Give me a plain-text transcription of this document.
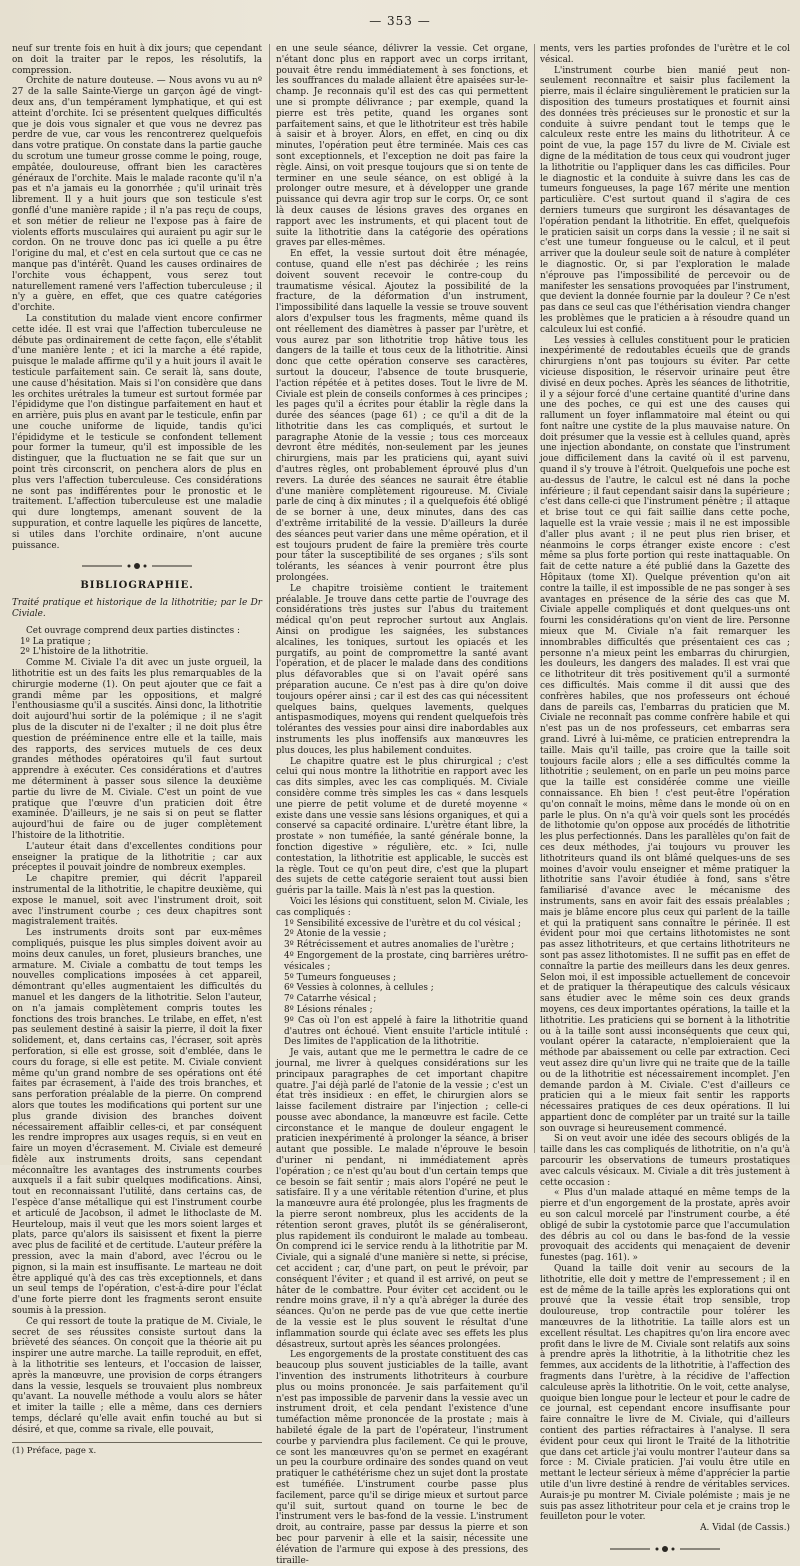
— 353 —

neuf sur trente fois en huit à dix jours; que cependant on doit la traiter par le repos, les résolutifs, la compression.

Orchite de nature douteuse. — Nous avons vu au nº 27 de la salle Sainte-Vierge un garçon âgé de vingt-deux ans, d'un tempérament lymphatique, et qui est atteint d'orchite. Ici se présentent quelques difficultés que je dois vous signaler et que vous ne devrez pas perdre de vue, car vous les rencontrerez quelquefois dans votre pratique. On constate dans la partie gauche du scrotum une tumeur grosse comme le poing, rouge, empâtée, douloureuse, offrant bien les caractères généraux de l'orchite. Mais le malade raconte qu'il n'a pas et n'a jamais eu la gonorrhée ; qu'il urinait très librement. Il y a huit jours que son testicule s'est gonflé d'une manière rapide ; il n'a pas reçu de coups, et son métier de relieur ne l'expose pas à faire de violents efforts musculaires qui auraient pu agir sur le cordon. On ne trouve donc pas ici quelle a pu être l'origine du mal, et c'est en cela surtout que ce cas ne manque pas d'intérêt. Quand les causes ordinaires de l'orchite vous échappent, vous serez tout naturellement ramené vers l'affection tuberculeuse ; il n'y a guère, en effet, que ces quatre catégories d'orchite.

La constitution du malade vient encore confirmer cette idée. Il est vrai que l'affection tuberculeuse ne débute pas ordinairement de cette façon, elle s'établit d'une manière lente ; et ici la marche a été rapide, puisque le malade affirme qu'il y a huit jours il avait le testicule parfaitement sain. Ce serait là, sans doute, une cause d'hésitation. Mais si l'on considère que dans les orchites urétrales la tumeur est surtout formée par l'épididyme que l'on distingue parfaitement en haut et en arrière, puis plus en avant par le testicule, enfin par une couche uniforme de liquide, tandis qu'ici l'épididyme et le testicule se confondent tellement pour former la tumeur, qu'il est impossible de les distinguer, que la fluctuation ne se fait que sur un point très circonscrit, on penchera alors de plus en plus vers l'affection tuberculeuse. Ces considérations ne sont pas indifférentes pour le pronostic et le traitement. L'affection tuberculeuse est une maladie qui dure longtemps, amenant souvent de la suppuration, et contre laquelle les piqûres de lancette, si utiles dans l'orchite ordinaire, n'ont aucune puissance.

BIBLIOGRAPHIE.

Traité pratique et historique de la lithotritie; par le Dr Civiale.

Cet ouvrage comprend deux parties distinctes :

1º La pratique ;

2º L'histoire de la lithotritie.

Comme M. Civiale l'a dit avec un juste orgueil, la lithotritie est un des faits les plus remarquables de la chirurgie moderne (1). On peut ajouter que ce fait a grandi même par les oppositions, et malgré l'enthousiasme qu'il a suscités. Ainsi donc, la lithotritie doit aujourd'hui sortir de la polémique ; il ne s'agit plus de la discuter ni de l'exalter ; il ne doit plus être question de prééminence entre elle et la taille, mais des rapports, des services mutuels de ces deux grandes méthodes opératoires qu'il faut surtout apprendre à exécuter. Ces considérations et d'autres me déterminent à passer sous silence la deuxième partie du livre de M. Civiale. C'est un point de vue pratique que l'œuvre d'un praticien doit être examinée. D'ailleurs, je ne sais si on peut se flatter aujourd'hui de faire ou de juger complètement l'histoire de la lithotritie.

L'auteur était dans d'excellentes conditions pour enseigner la pratique de la lithotritie ; car aux préceptes il pouvait joindre de nombreux exemples.

Le chapitre premier, qui décrit l'appareil instrumental de la lithotritie, le chapitre deuxième, qui expose le manuel, soit avec l'instrument droit, soit avec l'instrument courbe ; ces deux chapitres sont magistralement traités.

Les instruments droits sont par eux-mêmes compliqués, puisque les plus simples doivent avoir au moins deux canules, un foret, plusieurs branches, une armature. M. Civiale a combattu de tout temps les nouvelles complications imposées à cet appareil, démontrant qu'elles augmentaient les difficultés du manuel et les dangers de la lithotritie. Selon l'auteur, on n'a jamais complètement compris toutes les fonctions des trois branches. Le trilabe, en effet, n'est pas seulement destiné à saisir la pierre, il doit la fixer solidement, et, dans certains cas, l'écraser, soit après perforation, si elle est grosse, soit d'emblée, dans le cours du forage, si elle est petite. M. Civiale convient même qu'un grand nombre de ses opérations ont été faites par écrasement, à l'aide des trois branches, et sans perforation préalable de la pierre. On comprend alors que toutes les modifications qui portent sur une plus grande division des branches doivent nécessairement affaiblir celles-ci, et par conséquent les rendre impropres aux usages requis, si en veut en faire un moyen d'écrasement. M. Civiale est demeuré fidèle aux instruments droits, sans cependant méconnaître les avantages des instruments courbes auxquels il a fait subir quelques modifications. Ainsi, tout en reconnaissant l'utilité, dans certains cas, de l'espèce d'anse métallique qui est l'instrument courbe et articulé de Jacobson, il admet le lithoclaste de M. Heurteloup, mais il veut que les mors soient larges et plats, parce qu'alors ils saisissent et fixent la pierre avec plus de facilité et de certitude. L'auteur préfère la pression, avec la main d'abord, avec l'écrou ou le pignon, si la main est insuffisante. Le marteau ne doit être appliqué qu'à des cas très exceptionnels, et dans un seul temps de l'opération, c'est-à-dire pour l'éclat d'une forte pierre dont les fragments seront ensuite soumis à la pression.

Ce qui ressort de toute la pratique de M. Civiale, le secret de ses réussites consiste surtout dans la brièveté des séances. On conçoit que la théorie ait pu inspirer une autre marche. La taille reproduit, en effet, à la lithotritie ses lenteurs, et l'occasion de laisser, après la manœuvre, une provision de corps étrangers dans la vessie, lesquels se trouvaient plus nombreux qu'avant. La nouvelle méthode a voulu alors se hâter et imiter la taille ; elle a même, dans ces derniers temps, déclaré qu'elle avait enfin touché au but si désiré, et que, comme sa rivale, elle pouvait,

(1) Préface, page x.

en une seule séance, délivrer la vessie. Cet organe, n'étant donc plus en rapport avec un corps irritant, pouvait être rendu immédiatement à ses fonctions, et les souffrances du malade allaient être apaisées sur-le-champ. Je reconnais qu'il est des cas qui permettent une si prompte délivrance ; par exemple, quand la pierre est très petite, quand les organes sont parfaitement sains, et que le lithotriteur est très habile à saisir et à broyer. Alors, en effet, en cinq ou dix minutes, l'opération peut être terminée. Mais ces cas sont exceptionnels, et l'exception ne doit pas faire la règle. Ainsi, on voit presque toujours que si on tente de terminer en une seule séance, on est obligé à la prolonger outre mesure, et à développer une grande puissance qui devra agir trop sur le corps. Or, ce sont là deux causes de lésions graves des organes en rapport avec les instruments, et qui placent tout de suite la lithotritie dans la catégorie des opérations graves par elles-mêmes.

En effet, la vessie surtout doit être ménagée, contuse, quand elle n'est pas déchirée ; les reins doivent souvent recevoir le contre-coup du traumatisme vésical. Ajoutez la possibilité de la fracture, de la déformation d'un instrument, l'impossibilité dans laquelle la vessie se trouve souvent alors d'expulser tous les fragments, même quand ils ont réellement des diamètres à passer par l'urètre, et vous aurez par son lithotritie trop hâtive tous les dangers de la taille et tous ceux de la lithotritie. Ainsi donc que cette opération conserve ses caractères, surtout la douceur, l'absence de toute brusquerie, l'action répétée et à petites doses. Tout le livre de M. Civiale est plein de conseils conformes à ces principes ; les pages qu'il a écrites pour établir la règle dans la durée des séances (page 61) ; ce qu'il a dit de la lithotritie dans les cas compliqués, et surtout le paragraphe Atonie de la vessie ; tous ces morceaux devront être médités, non-seulement par les jeunes chirurgiens, mais par les praticiens qui, ayant suivi d'autres règles, ont probablement éprouvé plus d'un revers. La durée des séances ne saurait être établie d'une manière complètement rigoureuse. M. Civiale parle de cinq à dix minutes ; il a quelquefois été obligé de se borner à une, deux minutes, dans des cas d'extrême irritabilité de la vessie. D'ailleurs la durée des séances peut varier dans une même opération, et il est toujours prudent de faire la première très courte pour tâter la susceptibilité de ses organes ; s'ils sont tolérants, les séances à venir pourront être plus prolongées.

Le chapitre troisième contient le traitement préalable. Je trouve dans cette partie de l'ouvrage des considérations très justes sur l'abus du traitement médical qu'on peut reprocher surtout aux Anglais. Ainsi on prodigue les saignées, les substances alcalines, les toniques, surtout les opiacés et les purgatifs, au point de compromettre la santé avant l'opération, et de placer le malade dans des conditions plus défavorables que si on l'avait opéré sans préparation aucune. Ce n'est pas à dire qu'on doive toujours opérer ainsi ; car il est des cas qui nécessitent quelques bains, quelques lavements, quelques antispasmodiques, moyens qui rendent quelquefois très tolérantes des vessies pour ainsi dire inabordables aux instruments les plus inoffensifs aux manœuvres les plus douces, les plus habilement conduites.

Le chapitre quatre est le plus chirurgical ; c'est celui qui nous montre la lithotritie en rapport avec les cas dits simples, avec les cas compliqués. M. Civiale considère comme très simples les cas « dans lesquels une pierre de petit volume et de dureté moyenne « existe dans une vessie sans lésions organiques, et qui a conservé sa capacité ordinaire. L'urètre étant libre, la prostate » non tuméfiée, la santé générale bonne, la fonction digestive » régulière, etc. » Ici, nulle contestation, la lithotritie est applicable, le succès est la règle. Tout ce qu'on peut dire, c'est que la plupart des sujets de cette catégorie seraient tout aussi bien guéris par la taille. Mais là n'est pas la question.

Voici les lésions qui constituent, selon M. Civiale, les cas compliqués :

1º Sensibilité excessive de l'urètre et du col vésical ;

2º Atonie de la vessie ;

3º Rétrécissement et autres anomalies de l'urètre ;

4º Engorgement de la prostate, cinq barrières urétro-vésicales ;

5º Tumeurs fongueuses ;

6º Vessies à colonnes, à cellules ;

7º Catarrhe vésical ;

8º Lésions rénales ;

9º Cas où l'on est appelé à faire la lithotritie quand d'autres ont échoué. Vient ensuite l'article intitulé : Des limites de l'application de la lithotritie.

Je vais, autant que me le permettra le cadre de ce journal, me livrer à quelques considérations sur les principaux paragraphes de cet important chapitre quatre. J'ai déjà parlé de l'atonie de la vessie ; c'est un état très insidieux : en effet, le chirurgien alors se laisse facilement distraire par l'injection ; celle-ci pousse avec abondance, la manœuvre est facile. Cette circonstance et le manque de douleur engagent le praticien inexpérimenté à prolonger la séance, à briser autant que possible. Le malade n'éprouve le besoin d'uriner ni pendant, ni immédiatement après l'opération ; ce n'est qu'au bout d'un certain temps que ce besoin se fait sentir ; mais alors l'opéré ne peut le satisfaire. Il y a une véritable rétention d'urine, et plus la manœuvre aura été prolongée, plus les fragments de la pierre seront nombreux, plus les accidents de la rétention seront graves, plutôt ils se généraliseront, plus rapidement ils conduiront le malade au tombeau. On comprend ici le service rendu à la lithotritie par M. Civiale, qui a signalé d'une manière si nette, si précise, cet accident ; car, d'une part, on peut le prévoir, par conséquent l'éviter ; et quand il est arrivé, on peut se hâter de le combattre. Pour éviter cet accident ou le rendre moins grave, il n'y a qu'à abréger la durée des séances. Qu'on ne perde pas de vue que cette inertie de la vessie est le plus souvent le résultat d'une inflammation sourde qui éclate avec ses effets les plus désastreux, surtout après les séances prolongées.

Les engorgements de la prostate constituent des cas beaucoup plus souvent justiciables de la taille, avant l'invention des instruments lithotriteurs à courbure plus ou moins prononcée. Je sais parfaitement qu'il n'est pas impossible de parvenir dans la vessie avec un instrument droit, et cela pendant l'existence d'une tuméfaction même prononcée de la prostate ; mais à habileté égale de la part de l'opérateur, l'instrument courbe y parviendra plus facilement. Ce qui le prouve, ce sont les manœuvres qu'on se permet en exagérant un peu la courbure ordinaire des sondes quand on veut pratiquer le cathétérisme chez un sujet dont la prostate est tuméfiée. L'instrument courbe passe plus facilement, parce qu'il se dirige mieux et surtout parce qu'il suit, surtout quand on tourne le bec de l'instrument vers le bas-fond de la vessie. L'instrument droit, au contraire, passe par dessus la pierre et son bec pour parvenir à elle et la saisir, nécessite une élévation de l'armure qui expose à des pressions, des tiraille-

ments, vers les parties profondes de l'urètre et le col vésical.

L'instrument courbe bien manié peut non-seulement reconnaître et saisir plus facilement la pierre, mais il éclaire singulièrement le praticien sur la disposition des tumeurs prostatiques et fournit ainsi des données très précieuses sur le pronostic et sur la conduite à suivre pendant tout le temps que le calculeux reste entre les mains du lithotriteur. À ce point de vue, la page 157 du livre de M. Civiale est digne de la méditation de tous ceux qui voudront juger la lithotritie ou l'appliquer dans les cas difficiles. Pour le diagnostic et la conduite à suivre dans les cas de tumeurs fongueuses, la page 167 mérite une mention particulière. C'est surtout quand il s'agira de ces derniers tumeurs que surgiront les désavantages de l'opération pendant la lithotritie. En effet, quelquefois le praticien saisit un corps dans la vessie ; il ne sait si c'est une tumeur fongueuse ou le calcul, et il peut arriver que la douleur seule soit de nature à compléter le diagnostic. Or, si par l'exploration le malade n'éprouve pas l'impossibilité de percevoir ou de manifester les sensations provoquées par l'instrument, que devient la donnée fournie par la douleur ? Ce n'est pas dans ce seul cas que l'éthérisation viendra changer les problèmes que le praticien a à résoudre quand un calculeux lui est confié.

Les vessies à cellules constituent pour le praticien inexpérimenté de redoutables écueils que de grands chirurgiens n'ont pas toujours su éviter. Par cette vicieuse disposition, le réservoir urinaire peut être divisé en deux poches. Après les séances de lithotritie, il y a séjour forcé d'une certaine quantité d'urine dans une des poches, ce qui est une des causes qui rallument un foyer inflammatoire mal éteint ou qui font naître une cystite de la plus mauvaise nature. On doit présumer que la vessie est à cellules quand, après une injection abondante, on constate que l'instrument joue difficilement dans la cavité où il est parvenu, quand il s'y trouve à l'étroit. Quelquefois une poche est au-dessus de l'autre, le calcul est né dans la poche inférieure ; il faut cependant saisir dans la supérieure ; c'est dans celle-ci que l'instrument pénètre ; il attaque et brise tout ce qui fait saillie dans cette poche, laquelle est la vraie vessie ; mais il ne est impossible d'aller plus avant ; il ne peut plus rien briser, et néanmoins le corps étranger existe encore : c'est même sa plus forte portion qui reste inattaquable. On fait de cette nature a été publié dans la Gazette des Hôpitaux (tome XI). Quelque prévention qu'on ait contre la taille, il est impossible de ne pas songer à ses avantages en présence de la série des cas que M. Civiale appelle compliqués et dont quelques-uns ont fourni les considérations qu'on vient de lire. Personne mieux que M. Civiale n'a fait remarquer les innombrables difficultés que présentaient ces cas ; personne n'a mieux peint les embarras du chirurgien, les douleurs, les dangers des malades. Il est vrai que ce lithotriteur dit très positivement qu'il a surmonté ces difficultés. Mais comme il dit aussi que des confrères habiles, que nos professeurs ont échoué dans de pareils cas, l'embarras du praticien que M. Civiale ne reconnaît pas comme confrère habile et qui n'est pas un de nos professeurs, cet embarras sera grand. Livré à lui-même, ce praticien entreprendra la taille. Mais qu'il taille, pas croire que la taille soit toujours facile alors ; elle a ses difficultés comme la lithotritie ; seulement, on en parle un peu moins parce que la taille est considérée comme une vieille connaissance. Eh bien ! c'est peut-être l'opération qu'on connaît le moins, même dans le monde où on en parle le plus. On n'a qu'à voir quels sont les procédés de lithotomie qu'on oppose aux procédés de lithotritie les plus perfectionnés. Dans les parallèles qu'on fait de ces deux méthodes, j'ai toujours vu prouver les lithotriteurs quand ils ont blâmé quelques-uns de ses moines d'avoir voulu enseigner et même pratiquer la lithotritie sans l'avoir étudiée à fond, sans s'être familiarisé d'avance avec le mécanisme des instruments, sans en avoir fait des essais préalables ; mais je blâme encore plus ceux qui parlent de la taille et qui la pratiquent sans connaître le périnée. Il est évident pour moi que certains lithotomistes ne sont pas assez lithotriteurs, et que certains lithotriteurs ne sont pas assez lithotomistes. Il ne suffit pas en effet de connaître la partie des meilleurs dans les deux genres. Selon moi, il est impossible actuellement de concevoir et de pratiquer la thérapeutique des calculs vésicaux sans étudier avec le même soin ces deux grands moyens, ces deux importantes opérations, la taille et la lithotritie. Les praticiens qui se bornent à la lithotritie ou à la taille sont aussi inconséquents que ceux qui, voulant opérer la cataracte, n'emploieraient que la méthode par abaissement ou celle par extraction. Ceci veut assez dire qu'un livre qui ne traite que de la taille ou de la lithotritie est nécessairement incomplet. J'en demande pardon à M. Civiale. C'est d'ailleurs ce praticien qui a le mieux fait sentir les rapports nécessaires pratiques de ces deux opérations. Il lui appartient donc de compléter par un traité sur la taille son ouvrage si heureusement commencé.

Si on veut avoir une idée des secours obligés de la taille dans les cas compliqués de lithotritie, on n'a qu'à parcourir les observations de tumeurs prostatiques avec calculs vésicaux. M. Civiale a dit très justement à cette occasion :

« Plus d'un malade attaqué en même temps de la pierre et d'un engorgement de la prostate, après avoir eu son calcul morcelé par l'instrument courbe, a été obligé de subir la cystotomie parce que l'accumulation des débris au col ou dans le bas-fond de la vessie provoquait des accidents qui menaçaient de devenir funestes (pag. 161). »

Quand la taille doit venir au secours de la lithotritie, elle doit y mettre de l'empressement ; il en est de même de la taille après les explorations qui ont prouvé que la vessie était trop sensible, trop douloureuse, trop contractile pour tolérer les manœuvres de la lithotritie. La taille alors est un excellent résultat. Les chapitres qu'on lira encore avec profit dans le livre de M. Civiale sont relatifs aux soins à prendre après la lithotritie, à la lithotritie chez les femmes, aux accidents de la lithotritie, à l'affection des fragments dans l'urètre, à la récidive de l'affection calculeuse après la lithotritie. On le voit, cette analyse, quoique bien longue pour le lecteur et pour le cadre de ce journal, est cependant encore insuffisante pour faire connaître le livre de M. Civiale, qui d'ailleurs contient des parties réfractaires à l'analyse. Il sera évident pour ceux qui liront le Traité de la lithotritie que dans cet article j'ai voulu montrer l'auteur dans sa force : M. Civiale praticien. J'ai voulu être utile en mettant le lecteur sérieux à même d'apprécier la partie utile d'un livre destiné à rendre de véritables services. Aurais-je pu montrer M. Civiale polémiste ; mais je ne suis pas assez lithotriteur pour cela et je crains trop le feuilleton pour le voter.

A. Vidal (de Cassis.)
